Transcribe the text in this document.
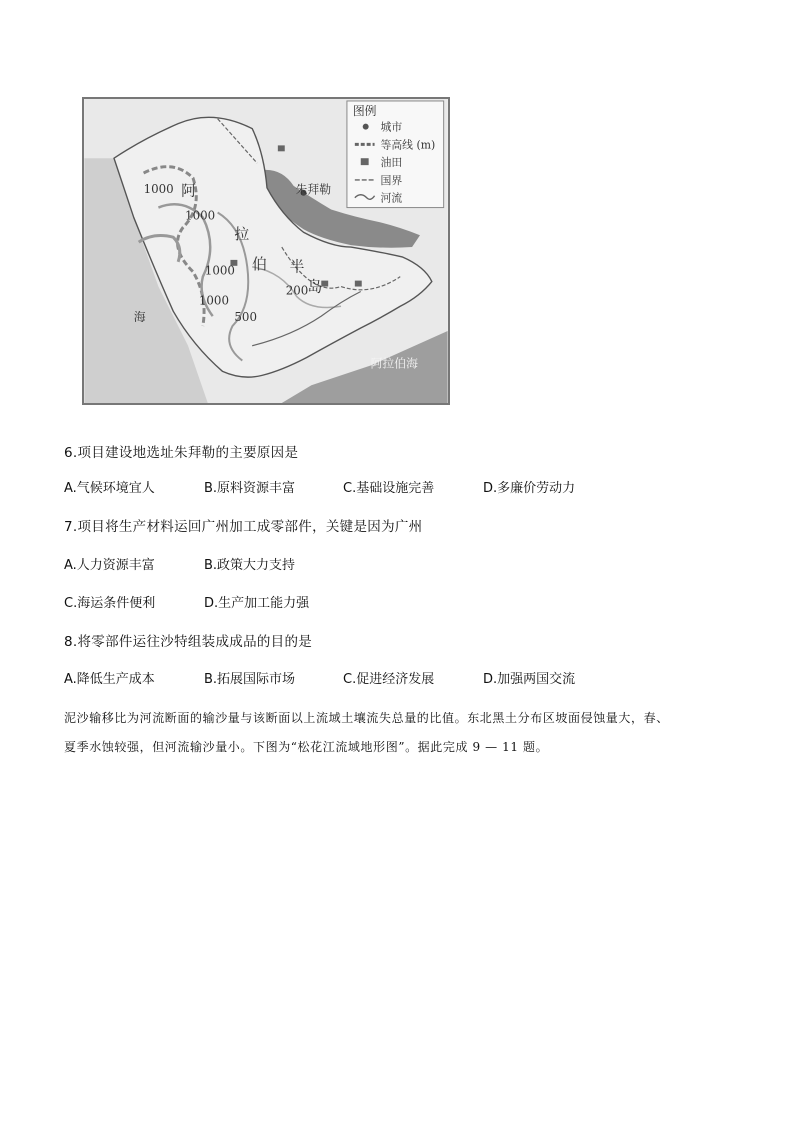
阿
拉
伯 半
岛
朱拜勒
阿拉伯海
海
1000
1000
1000
1000
500
200
图例
城市
等高线 (m)
油田
国界
河流
6.项目建设地选址朱拜勒的主要原因是
A.气候环境宜人	B.原料资源丰富	C.基础设施完善	D.多廉价劳动力
7.项目将生产材料运回广州加工成零部件，关键是因为广州
A.人力资源丰富	B.政策大力支持
C.海运条件便利	D.生产加工能力强
8.将零部件运往沙特组装成成品的目的是
A.降低生产成本	B.拓展国际市场	C.促进经济发展	D.加强两国交流
泥沙输移比为河流断面的输沙量与该断面以上流域土壤流失总量的比值。东北黑土分布区坡面侵蚀量大，春、
夏季水蚀较强，但河流输沙量小。下图为“松花江流域地形图”。据此完成 9 — 11 题。
